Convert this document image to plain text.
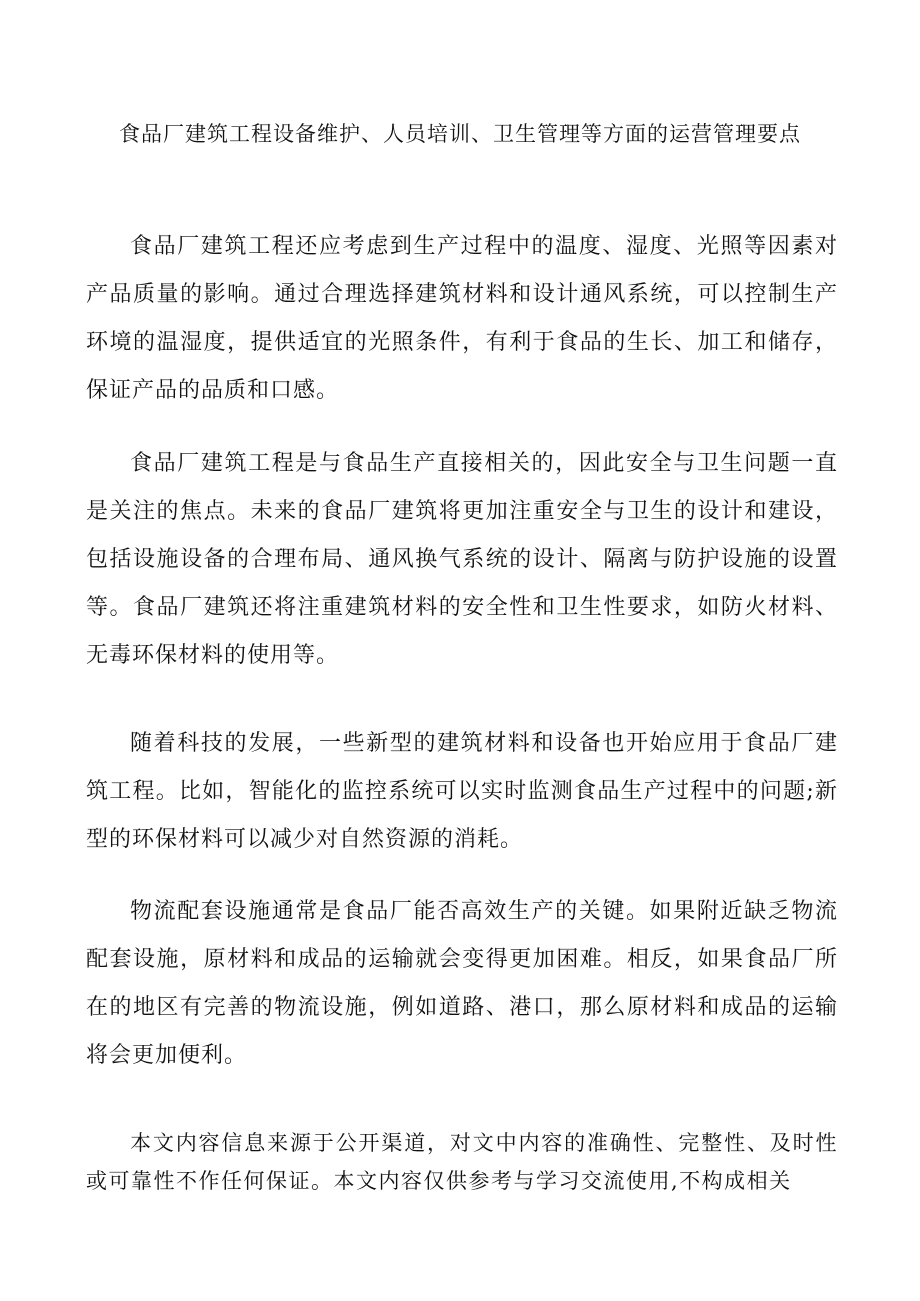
食品厂建筑工程设备维护、人员培训、卫生管理等方面的运营管理要点

食品厂建筑工程还应考虑到生产过程中的温度、湿度、光照等因素对产品质量的影响。通过合理选择建筑材料和设计通风系统，可以控制生产环境的温湿度，提供适宜的光照条件，有利于食品的生长、加工和储存，保证产品的品质和口感。

食品厂建筑工程是与食品生产直接相关的，因此安全与卫生问题一直是关注的焦点。未来的食品厂建筑将更加注重安全与卫生的设计和建设，包括设施设备的合理布局、通风换气系统的设计、隔离与防护设施的设置等。食品厂建筑还将注重建筑材料的安全性和卫生性要求，如防火材料、无毒环保材料的使用等。

随着科技的发展，一些新型的建筑材料和设备也开始应用于食品厂建筑工程。比如，智能化的监控系统可以实时监测食品生产过程中的问题;新型的环保材料可以减少对自然资源的消耗。

物流配套设施通常是食品厂能否高效生产的关键。如果附近缺乏物流配套设施，原材料和成品的运输就会变得更加困难。相反，如果食品厂所在的地区有完善的物流设施，例如道路、港口，那么原材料和成品的运输将会更加便利。

本文内容信息来源于公开渠道，对文中内容的准确性、完整性、及时性或可靠性不作任何保证。本文内容仅供参考与学习交流使用,不构成相关
